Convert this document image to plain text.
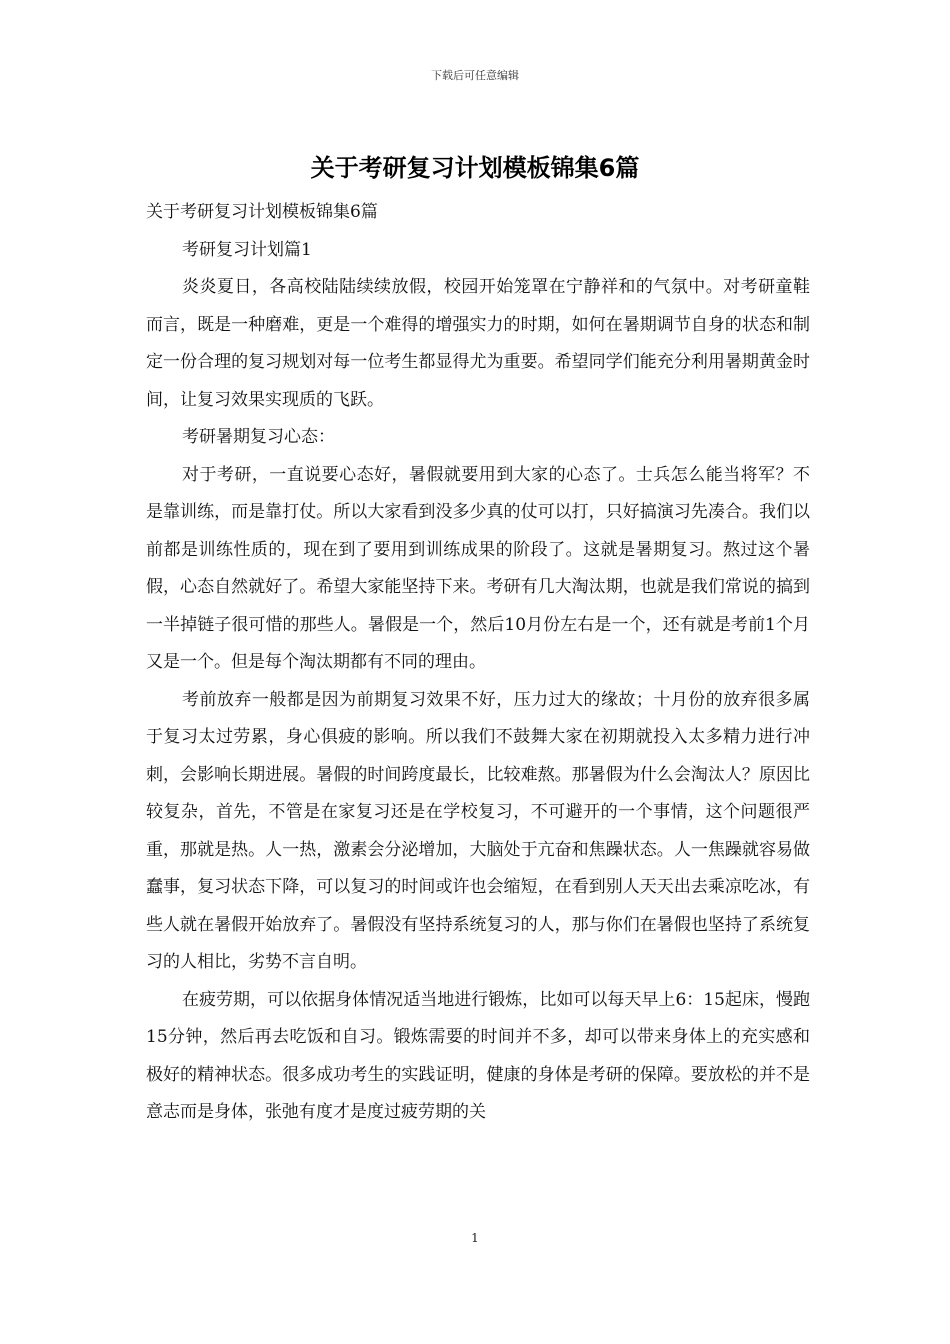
下载后可任意编辑
关于考研复习计划模板锦集6篇

关于考研复习计划模板锦集6篇

考研复习计划篇1

炎炎夏日，各高校陆陆续续放假，校园开始笼罩在宁静祥和的气氛中。对考研童鞋而言，既是一种磨难，更是一个难得的增强实力的时期，如何在暑期调节自身的状态和制定一份合理的复习规划对每一位考生都显得尤为重要。希望同学们能充分利用暑期黄金时间，让复习效果实现质的飞跃。

考研暑期复习心态：

对于考研，一直说要心态好，暑假就要用到大家的心态了。士兵怎么能当将军？不是靠训练，而是靠打仗。所以大家看到没多少真的仗可以打，只好搞演习先凑合。我们以前都是训练性质的，现在到了要用到训练成果的阶段了。这就是暑期复习。熬过这个暑假，心态自然就好了。希望大家能坚持下来。考研有几大淘汰期，也就是我们常说的搞到一半掉链子很可惜的那些人。暑假是一个，然后10月份左右是一个，还有就是考前1个月又是一个。但是每个淘汰期都有不同的理由。

考前放弃一般都是因为前期复习效果不好，压力过大的缘故；十月份的放弃很多属于复习太过劳累，身心俱疲的影响。所以我们不鼓舞大家在初期就投入太多精力进行冲刺，会影响长期进展。暑假的时间跨度最长，比较难熬。那暑假为什么会淘汰人？原因比较复杂，首先，不管是在家复习还是在学校复习，不可避开的一个事情，这个问题很严重，那就是热。人一热，激素会分泌增加，大脑处于亢奋和焦躁状态。人一焦躁就容易做蠢事，复习状态下降，可以复习的时间或许也会缩短，在看到别人天天出去乘凉吃冰，有些人就在暑假开始放弃了。暑假没有坚持系统复习的人，那与你们在暑假也坚持了系统复习的人相比，劣势不言自明。

在疲劳期，可以依据身体情况适当地进行锻炼，比如可以每天早上6：15起床，慢跑15分钟，然后再去吃饭和自习。锻炼需要的时间并不多，却可以带来身体上的充实感和极好的精神状态。很多成功考生的实践证明，健康的身体是考研的保障。要放松的并不是意志而是身体，张弛有度才是度过疲劳期的关

1
